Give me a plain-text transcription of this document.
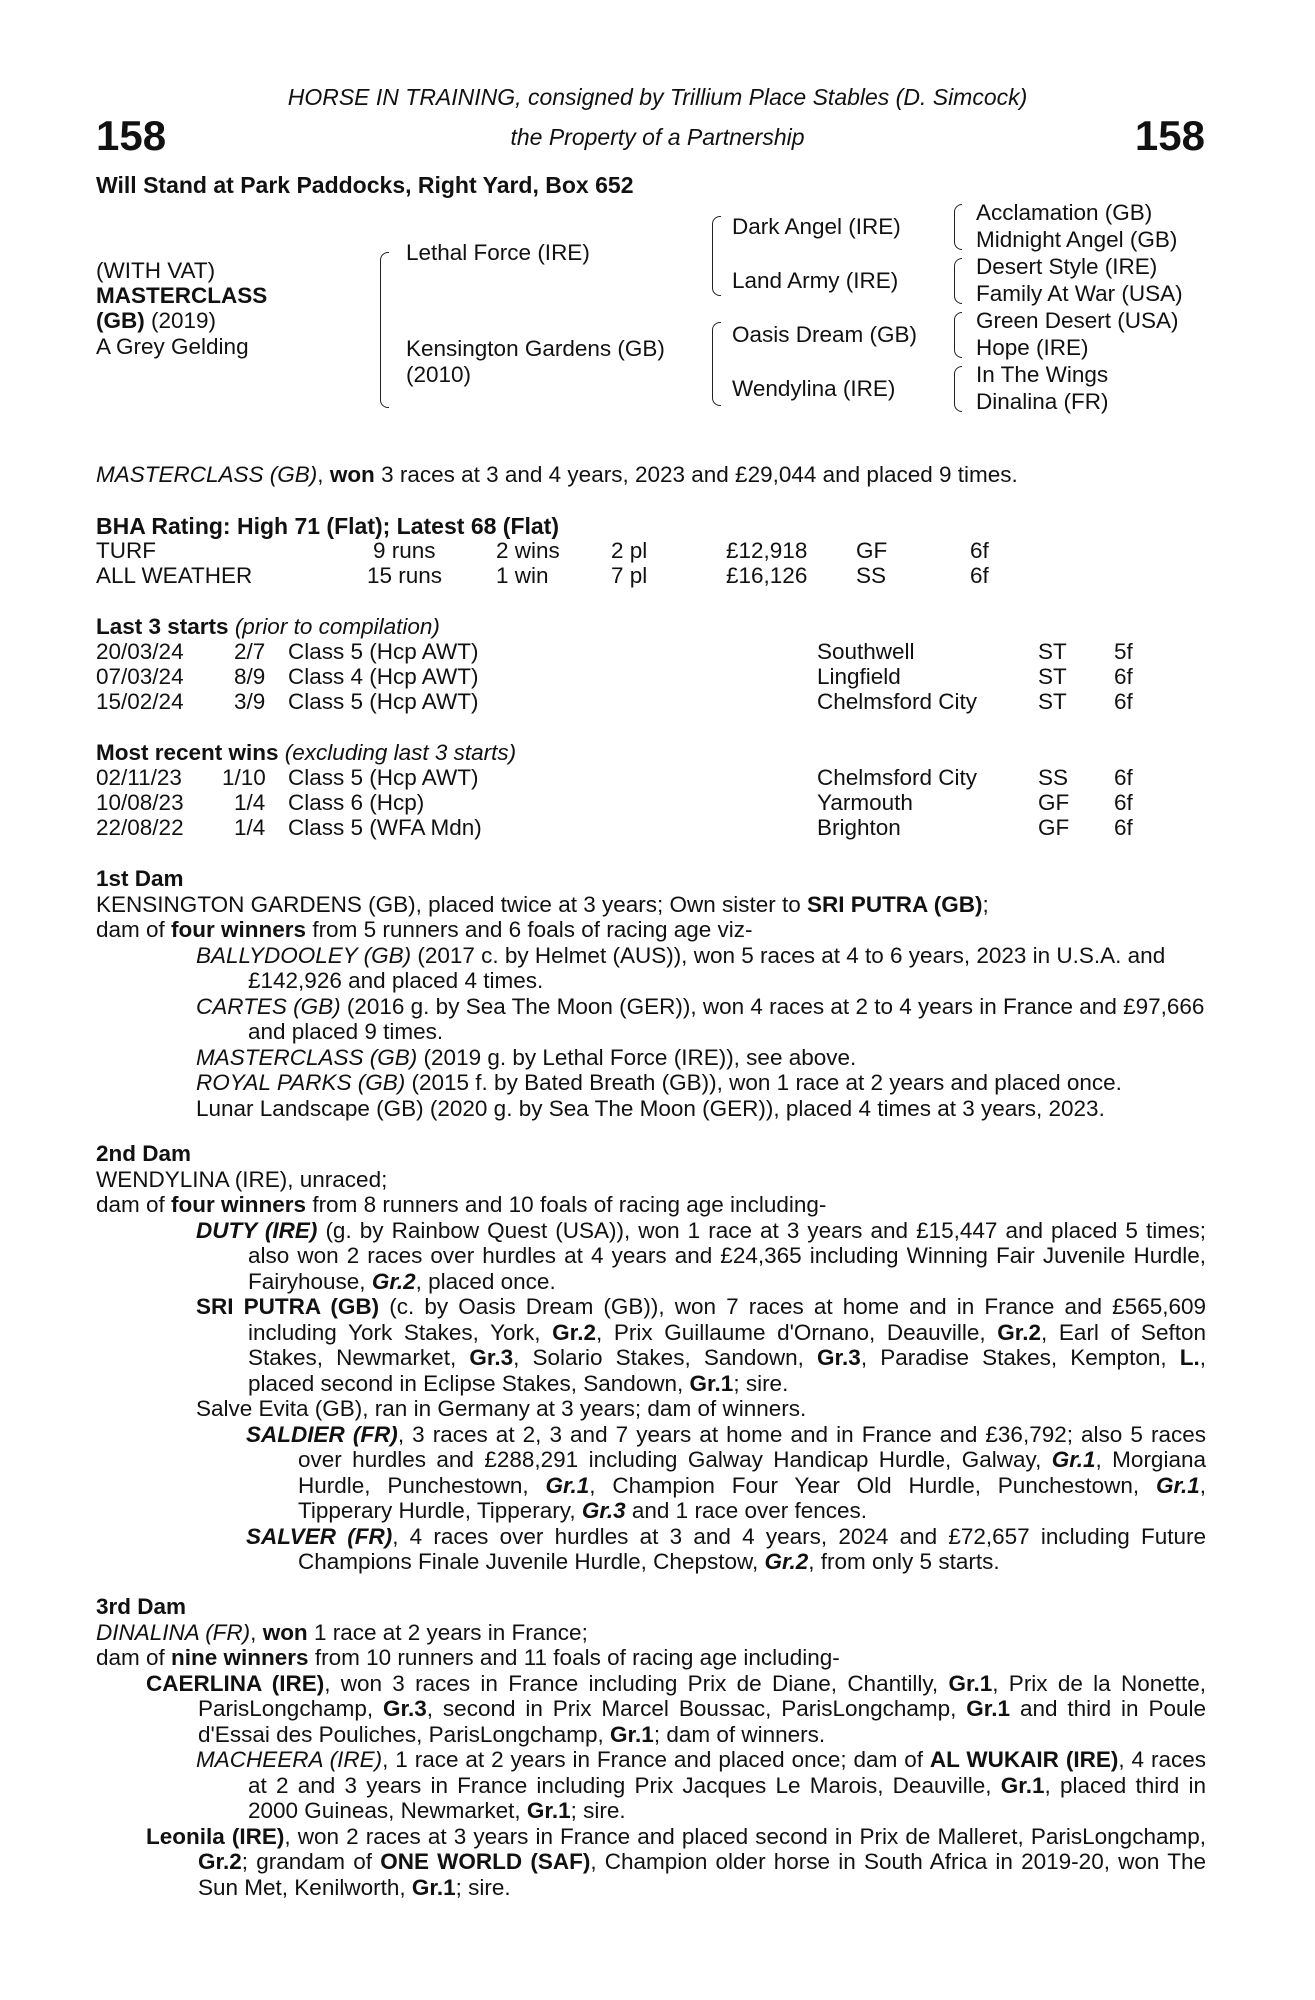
158	158
HORSE IN TRAINING, consigned by Trillium Place Stables (D. Simcock)
the Property of a Partnership
Will Stand at Park Paddocks, Right Yard, Box 652
(WITH VAT)
MASTERCLASS
(GB) (2019)
A Grey Gelding
Lethal Force (IRE)
Kensington Gardens (GB)
(2010)
Dark Angel (IRE)
Land Army (IRE)
Oasis Dream (GB)
Wendylina (IRE)
Acclamation (GB)
Midnight Angel (GB)
Desert Style (IRE)
Family At War (USA)
Green Desert (USA)
Hope (IRE)
In The Wings
Dinalina (FR)
MASTERCLASS (GB), won 3 races at 3 and 4 years, 2023 and £29,044 and placed 9 times.
BHA Rating: High 71 (Flat); Latest 68 (Flat)
TURF	9 runs	2 wins 2 pl	£12,918 GF	6f
ALL WEATHER	15 runs 1 win	7 pl	£16,126 SS	6f
Last 3 starts (prior to compilation)
20/03/24 2/7 Class 5 (Hcp AWT)	Southwell	ST 5f
07/03/24 8/9 Class 4 (Hcp AWT)	Lingfield	ST 6f
15/02/24 3/9 Class 5 (Hcp AWT)	Chelmsford City	ST 6f
Most recent wins (excluding last 3 starts)
02/11/23 1/10 Class 5 (Hcp AWT)	Chelmsford City	SS 6f
10/08/23 1/4 Class 6 (Hcp)	Yarmouth	GF 6f
22/08/22 1/4 Class 5 (WFA Mdn)	Brighton	GF 6f

1st Dam

KENSINGTON GARDENS (GB), placed twice at 3 years; Own sister to SRI PUTRA (GB);

dam of four winners from 5 runners and 6 foals of racing age viz-

BALLYDOOLEY (GB) (2017 c. by Helmet (AUS)), won 5 races at 4 to 6 years, 2023 in U.S.A. and £142,926 and placed 4 times.

CARTES (GB) (2016 g. by Sea The Moon (GER)), won 4 races at 2 to 4 years in France and £97,666 and placed 9 times.

MASTERCLASS (GB) (2019 g. by Lethal Force (IRE)), see above.

ROYAL PARKS (GB) (2015 f. by Bated Breath (GB)), won 1 race at 2 years and placed once.

Lunar Landscape (GB) (2020 g. by Sea The Moon (GER)), placed 4 times at 3 years, 2023.

2nd Dam

WENDYLINA (IRE), unraced;

dam of four winners from 8 runners and 10 foals of racing age including-

DUTY (IRE) (g. by Rainbow Quest (USA)), won 1 race at 3 years and £15,447 and placed 5 times; also won 2 races over hurdles at 4 years and £24,365 including Winning Fair Juvenile Hurdle, Fairyhouse, Gr.2, placed once.

SRI PUTRA (GB) (c. by Oasis Dream (GB)), won 7 races at home and in France and £565,609 including York Stakes, York, Gr.2, Prix Guillaume d'Ornano, Deauville, Gr.2, Earl of Sefton Stakes, Newmarket, Gr.3, Solario Stakes, Sandown, Gr.3, Paradise Stakes, Kempton, L., placed second in Eclipse Stakes, Sandown, Gr.1; sire.

Salve Evita (GB), ran in Germany at 3 years; dam of winners.

SALDIER (FR), 3 races at 2, 3 and 7 years at home and in France and £36,792; also 5 races over hurdles and £288,291 including Galway Handicap Hurdle, Galway, Gr.1, Morgiana Hurdle, Punchestown, Gr.1, Champion Four Year Old Hurdle, Punchestown, Gr.1, Tipperary Hurdle, Tipperary, Gr.3 and 1 race over fences.

SALVER (FR), 4 races over hurdles at 3 and 4 years, 2024 and £72,657 including Future Champions Finale Juvenile Hurdle, Chepstow, Gr.2, from only 5 starts.

3rd Dam

DINALINA (FR), won 1 race at 2 years in France;

dam of nine winners from 10 runners and 11 foals of racing age including-

CAERLINA (IRE), won 3 races in France including Prix de Diane, Chantilly, Gr.1, Prix de la Nonette, ParisLongchamp, Gr.3, second in Prix Marcel Boussac, ParisLongchamp, Gr.1 and third in Poule d'Essai des Pouliches, ParisLongchamp, Gr.1; dam of winners.

MACHEERA (IRE), 1 race at 2 years in France and placed once; dam of AL WUKAIR (IRE), 4 races at 2 and 3 years in France including Prix Jacques Le Marois, Deauville, Gr.1, placed third in 2000 Guineas, Newmarket, Gr.1; sire.

Leonila (IRE), won 2 races at 3 years in France and placed second in Prix de Malleret, ParisLongchamp, Gr.2; grandam of ONE WORLD (SAF), Champion older horse in South Africa in 2019-20, won The Sun Met, Kenilworth, Gr.1; sire.
